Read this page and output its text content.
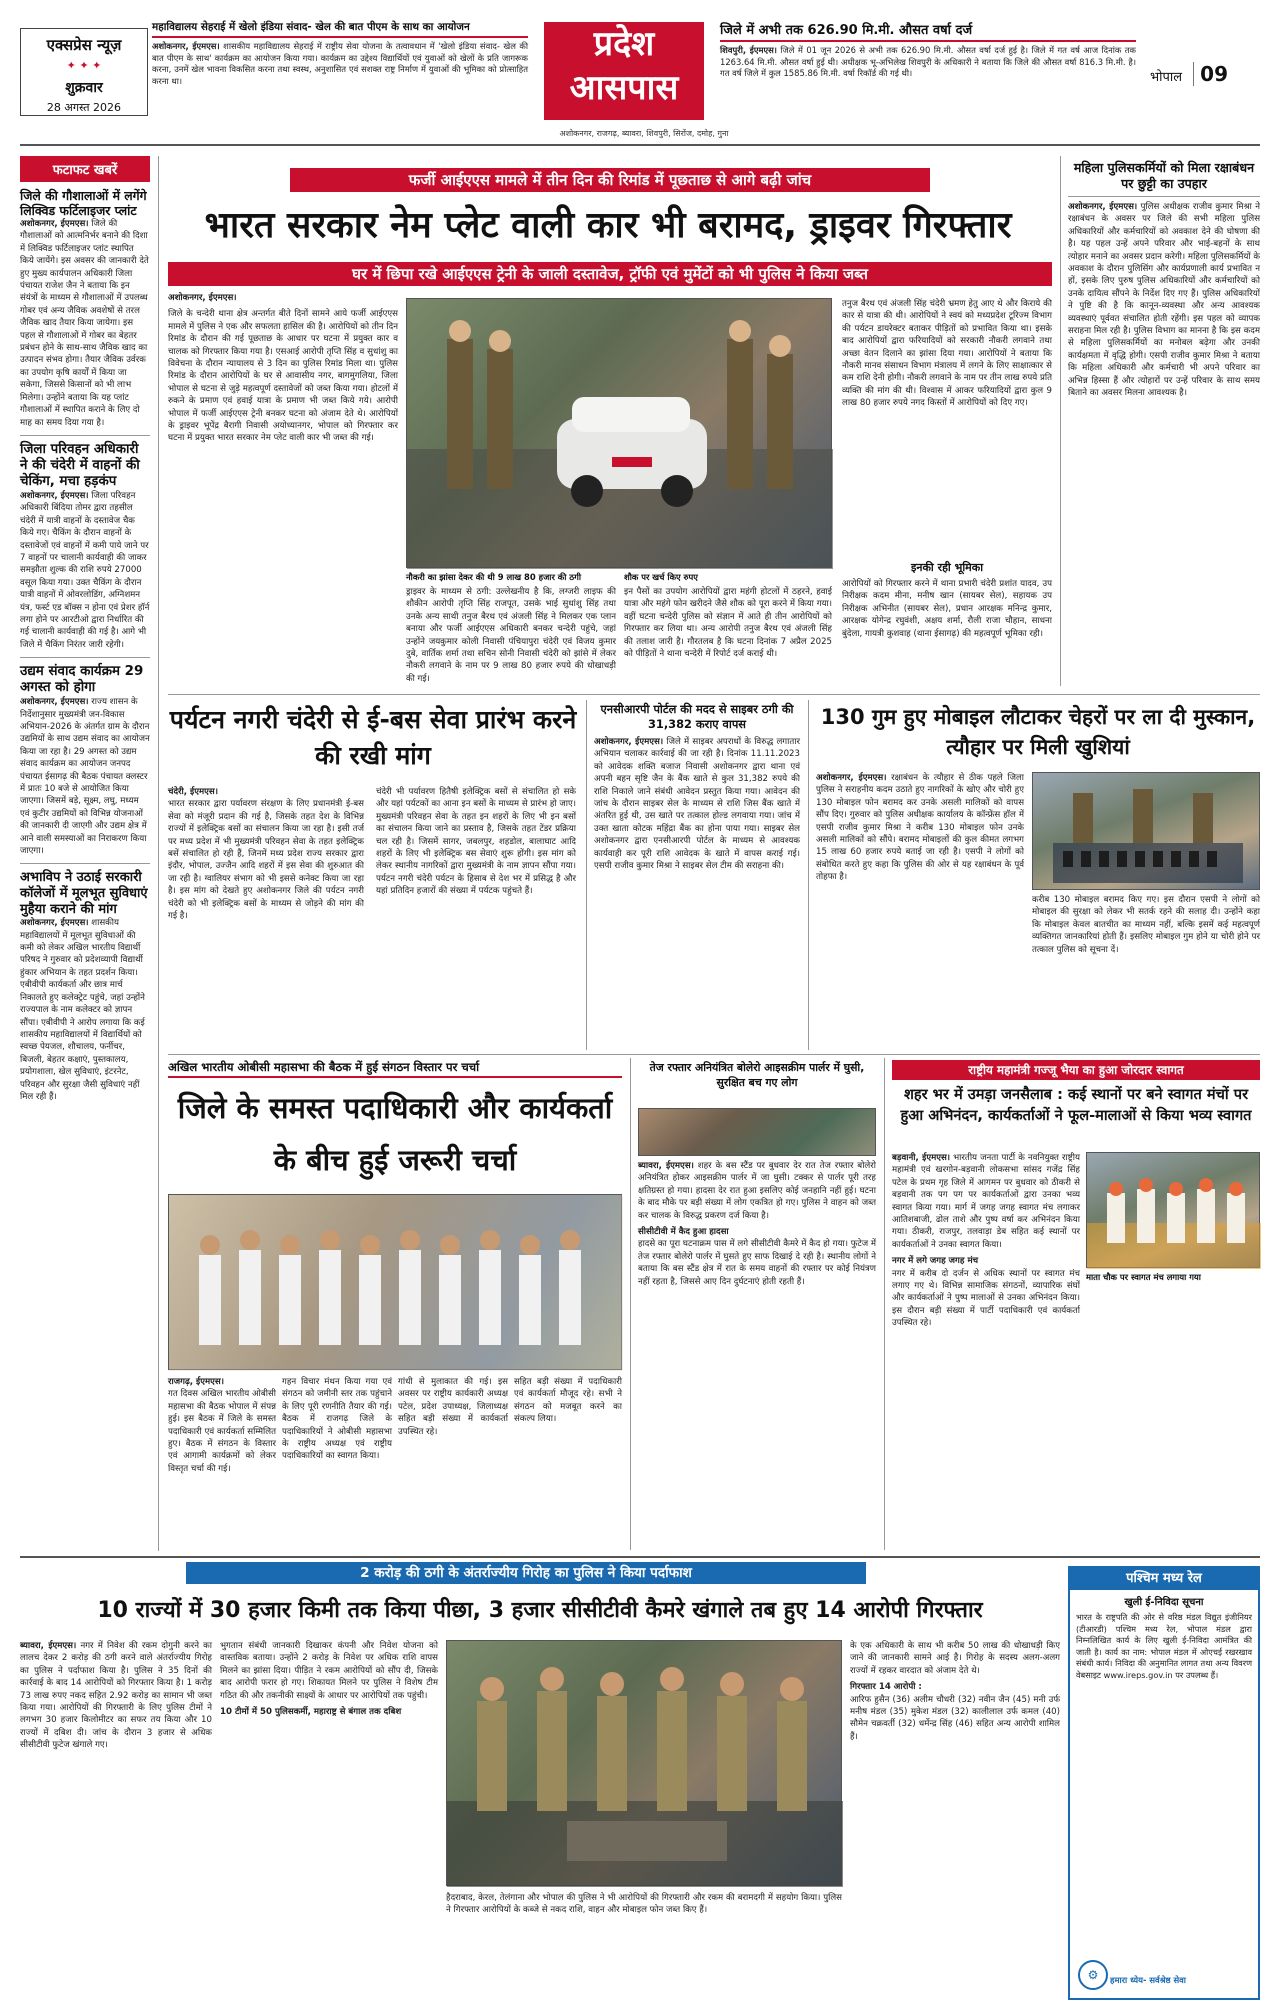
एक्सप्रेस न्यूज़
✦ ✦ ✦
शुक्रवार
28 अगस्त 2026
महाविद्यालय सेहराई में खेलो इंडिया संवाद- खेल की बात पीएम के साथ का आयोजन
अशोकनगर, ईएमएस। शासकीय महाविद्यालय सेहराई में राष्ट्रीय सेवा योजना के तत्वावधान में 'खेलो इंडिया संवाद- खेल की बात पीएम के साथ' कार्यक्रम का आयोजन किया गया। कार्यक्रम का उद्देश्य विद्यार्थियों एवं युवाओं को खेलों के प्रति जागरूक करना, उनमें खेल भावना विकसित करना तथा स्वस्थ, अनुशासित एवं सशक्त राष्ट्र निर्माण में युवाओं की भूमिका को प्रोत्साहित करना था।
प्रदेश
आसपास
जिले में अभी तक 626.90 मि.मी. औसत वर्षा दर्ज
शिवपुरी, ईएमएस। जिले में 01 जून 2026 से अभी तक 626.90 मि.मी. औसत वर्षा दर्ज हुई है। जिले में गत वर्ष आज दिनांक तक 1263.64 मि.मी. औसत वर्षा हुई थी। अधीक्षक भू-अभिलेख शिवपुरी के अधिकारी ने बताया कि जिले की औसत वर्षा 816.3 मि.मी. है। गत वर्ष जिले में कुल 1585.86 मि.मी. वर्षा रिकॉर्ड की गई थी।	भोपाल 09
अशोकनगर, राजगढ़, ब्यावरा, शिवपुरी, सिरोंज, दमोह, गुना
फटाफट खबरें
जिले की गौशालाओं में लगेंगे लिक्विड फर्टिलाइजर प्लांट
अशोकनगर, ईएमएस। जिले की गौशालाओं को आत्मनिर्भर बनाने की दिशा में लिक्विड फर्टिलाइजर प्लांट स्थापित किये जायेंगे। इस अवसर की जानकारी देते हुए मुख्य कार्यपालन अधिकारी जिला पंचायत राजेश जैन ने बताया कि इन संयंत्रों के माध्यम से गौशालाओं में उपलब्ध गोबर एवं अन्य जैविक अवशेषों से तरल जैविक खाद तैयार किया जायेगा। इस पहल से गौशालाओं में गोबर का बेहतर प्रबंधन होने के साथ-साथ जैविक खाद का उत्पादन संभव होगा। तैयार जैविक उर्वरक का उपयोग कृषि कार्यों में किया जा सकेगा, जिससे किसानों को भी लाभ मिलेगा। उन्होंने बताया कि यह प्लांट गौशालाओं में स्थापित कराने के लिए दो माह का समय दिया गया है।
जिला परिवहन अधिकारी ने की चंदेरी में वाहनों की चेकिंग, मचा हड़कंप
अशोकनगर, ईएमएस। जिला परिवहन अधिकारी बिंदिया तोमर द्वारा तहसील चंदेरी में यात्री वाहनों के दस्तावेज चैक किये गए। चैकिंग के दौरान वाहनों के दस्तावेजों एवं वाहनों में कमी पाये जाने पर 7 वाहनों पर चालानी कार्यवाही की जाकर समझौता शुल्क की राशि रुपये 27000 वसूल किया गया। उक्त चैकिंग के दौरान यात्री वाहनों में ओवरलोडिंग, अग्निशमन यंत्र, फर्स्ट एड बॉक्स न होना एवं प्रेशर हॉर्न लगा होने पर आरटीओ द्वारा निर्धारित की गई चालानी कार्यवाही की गई है। आगे भी जिले में चैकिंग निरंतर जारी रहेगी।
उद्यम संवाद कार्यक्रम 29 अगस्त को होगा
अशोकनगर, ईएमएस। राज्य शासन के निर्देशानुसार मुख्यमंत्री जन-विकास अभियान-2026 के अंतर्गत ग्राम के दौरान उद्यमियों के साथ उद्यम संवाद का आयोजन किया जा रहा है। 29 अगस्त को उद्यम संवाद कार्यक्रम का आयोजन जनपद पंचायत ईसागढ़ की बैठक पंचायत क्लस्टर में प्रातः 10 बजे से आयोजित किया जाएगा। जिसमें बड़े, सूक्ष्म, लघु, मध्यम एवं कुटीर उद्यमियों को विभिन्न योजनाओं की जानकारी दी जाएगी और उद्यम क्षेत्र में आने वाली समस्याओं का निराकरण किया जाएगा।
अभाविप ने उठाई सरकारी कॉलेजों में मूलभूत सुविधाएं मुहैया कराने की मांग
अशोकनगर, ईएमएस। शासकीय महाविद्यालयों में मूलभूत सुविधाओं की कमी को लेकर अखिल भारतीय विद्यार्थी परिषद ने गुरुवार को प्रदेशव्यापी विद्यार्थी हुंकार अभियान के तहत प्रदर्शन किया। एबीवीपी कार्यकर्ता और छात्र मार्च निकालते हुए कलेक्ट्रेट पहुंचे, जहां उन्होंने राज्यपाल के नाम कलेक्टर को ज्ञापन सौंपा। एबीवीपी ने आरोप लगाया कि कई शासकीय महाविद्यालयों में विद्यार्थियों को स्वच्छ पेयजल, शौचालय, फर्नीचर, बिजली, बेहतर कक्षाएं, पुस्तकालय, प्रयोगशाला, खेल सुविधाएं, इंटरनेट, परिवहन और सुरक्षा जैसी सुविधाएं नहीं मिल रही हैं।
फर्जी आईएएस मामले में तीन दिन की रिमांड में पूछताछ से आगे बढ़ी जांच
भारत सरकार नेम प्लेट वाली कार भी बरामद, ड्राइवर गिरफ्तार
घर में छिपा रखे आईएएस ट्रेनी के जाली दस्तावेज, ट्रॉफी एवं मुमेंटों को भी पुलिस ने किया जब्त
अशोकनगर, ईएमएस।
जिले के चन्देरी थाना क्षेत्र अन्तर्गत बीते दिनों सामने आये फर्जी आईएएस मामले में पुलिस ने एक और सफलता हासिल की है। आरोपियों को तीन दिन रिमांड के दौरान की गई पूछताछ के आधार पर घटना में प्रयुक्त कार व चालक को गिरफ्तार किया गया है। एसआई आरोपी तृप्ति सिंह व सुधांशु का विवेचना के दौरान न्यायालय से 3 दिन का पुलिस रिमांड मिला था। पुलिस रिमांड के दौरान आरोपियों के घर से आवासीय नगर, बागमुगलिया, जिला भोपाल से घटना से जुड़े महत्वपूर्ण दस्तावेजों को जब्त किया गया। होटलों में रुकने के प्रमाण एवं हवाई यात्रा के प्रमाण भी जब्त किये गये। आरोपी भोपाल में फर्जी आईएएस ट्रेनी बनकर घटना को अंजाम देते थे। आरोपियों के ड्राइवर भूपेंद्र बैरागी निवासी अयोध्यानगर, भोपाल को गिरफ्तार कर घटना में प्रयुक्त भारत सरकार नेम प्लेट वाली कार भी जब्त की गई।
नौकरी का झांसा देकर की थी 9 लाख 80 हजार की ठगी
ड्राइवर के माध्यम से ठगी: उल्लेखनीय है कि, लग्जरी लाइफ की शौकीन आरोपी तृप्ति सिंह राजपूत, उसके भाई सुधांशु सिंह तथा उनके अन्य साथी तनुज बैरथ एवं अंजली सिंह ने मिलकर एक प्लान बनाया और फर्जी आईएएस अधिकारी बनकर चन्देरी पहुंचे, जहां उन्होंने जयकुमार कोली निवासी पंचियापुरा चंदेरी एवं विजय कुमार दुबे, वार्तिक शर्मा तथा सचिन सोनी निवासी चंदेरी को झांसे में लेकर नौकरी लगवाने के नाम पर 9 लाख 80 हजार रुपये की धोखाधड़ी की गई।
शौक पर खर्च किए रुपए
इन पैसों का उपयोग आरोपियों द्वारा महंगी होटलों में ठहरने, हवाई यात्रा और महंगे फोन खरीदने जैसे शौक को पूरा करने में किया गया। वहीं घटना चन्देरी पुलिस को संज्ञान में आते ही तीन आरोपियों को गिरफ्तार कर लिया था। अन्य आरोपी तनुज बैरथ एवं अंजली सिंह की तलाश जारी है। गौरतलब है कि घटना दिनांक 7 अप्रैल 2025 को पीड़ितों ने थाना चन्देरी में रिपोर्ट दर्ज कराई थी।
तनुज बैरथ एवं अंजली सिंह चंदेरी भ्रमण हेतु आए थे और किराये की कार से यात्रा की थी। आरोपियों ने स्वयं को मध्यप्रदेश टूरिज्म विभाग की पर्यटन डायरेक्टर बताकर पीड़ितों को प्रभावित किया था। इसके बाद आरोपियों द्वारा फरियादियों को सरकारी नौकरी लगवाने तथा अच्छा वेतन दिलाने का झांसा दिया गया। आरोपियों ने बताया कि नौकरी मानव संसाधन विभाग मंत्रालय में लगने के लिए साक्षात्कार से कम राशि देनी होगी। नौकरी लगवाने के नाम पर तीन लाख रुपये प्रति व्यक्ति की मांग की थी। विश्वास में आकर फरियादियों द्वारा कुल 9 लाख 80 हजार रुपये नगद किस्तों में आरोपियों को दिए गए।
इनकी रही भूमिका
आरोपियों को गिरफ्तार करने में थाना प्रभारी चंदेरी प्रशांत यादव, उप निरीक्षक कदम मीना, मनीष खान (सायबर सेल), सहायक उप निरीक्षक अभिनीत (सायबर सेल), प्रधान आरक्षक मनिन्द्र कुमार, आरक्षक योगेन्द्र रघुवंशी, अक्षय शर्मा, रौली राजा चौहान, साधना बुंदेला, गायत्री कुशवाह (थाना ईसागढ़) की महत्वपूर्ण भूमिका रही।
महिला पुलिसकर्मियों को मिला रक्षाबंधन पर छुट्टी का उपहार
अशोकनगर, ईएमएस। पुलिस अधीक्षक राजीव कुमार मिश्रा ने रक्षाबंधन के अवसर पर जिले की सभी महिला पुलिस अधिकारियों और कर्मचारियों को अवकाश देने की घोषणा की है। यह पहल उन्हें अपने परिवार और भाई-बहनों के साथ त्योहार मनाने का अवसर प्रदान करेगी। महिला पुलिसकर्मियों के अवकाश के दौरान पुलिसिंग और कार्यप्रणाली कार्य प्रभावित न हों, इसके लिए पुरुष पुलिस अधिकारियों और कर्मचारियों को उनके दायित्व सौंपने के निर्देश दिए गए हैं। पुलिस अधिकारियों ने पुष्टि की है कि कानून-व्यवस्था और अन्य आवश्यक व्यवस्थाएं पूर्ववत संचालित होती रहेंगी। इस पहल को व्यापक सराहना मिल रही है। पुलिस विभाग का मानना है कि इस कदम से महिला पुलिसकर्मियों का मनोबल बढ़ेगा और उनकी कार्यक्षमता में वृद्धि होगी। एसपी राजीव कुमार मिश्रा ने बताया कि महिला अधिकारी और कर्मचारी भी अपने परिवार का अभिन्न हिस्सा हैं और त्योहारों पर उन्हें परिवार के साथ समय बिताने का अवसर मिलना आवश्यक है।
पर्यटन नगरी चंदेरी से ई-बस सेवा प्रारंभ करने की रखी मांग
चंदेरी, ईएमएस।
भारत सरकार द्वारा पर्यावरण संरक्षण के लिए प्रधानमंत्री ई-बस सेवा को मंजूरी प्रदान की गई है, जिसके तहत देश के विभिन्न राज्यों में इलेक्ट्रिक बसों का संचालन किया जा रहा है। इसी तर्ज पर मध्य प्रदेश में भी मुख्यमंत्री परिवहन सेवा के तहत इलेक्ट्रिक बसें संचालित हो रही हैं, जिनमें मध्य प्रदेश राज्य सरकार द्वारा इंदौर, भोपाल, उज्जैन आदि शहरों में इस सेवा की शुरुआत की जा रही है। ग्वालियर संभाग को भी इससे कनेक्ट किया जा रहा है। इस मांग को देखते हुए अशोकनगर जिले की पर्यटन नगरी चंदेरी को भी इलेक्ट्रिक बसों के माध्यम से जोड़ने की मांग की गई है।
चंदेरी भी पर्यावरण हितैषी इलेक्ट्रिक बसों से संचालित हो सके और यहां पर्यटकों का आना इन बसों के माध्यम से प्रारंभ हो जाए। मुख्यमंत्री परिवहन सेवा के तहत इन शहरों के लिए भी इन बसों का संचालन किया जाने का प्रस्ताव है, जिसके तहत टेंडर प्रक्रिया चल रही है। जिसमें सागर, जबलपुर, शहडोल, बालाघाट आदि शहरों के लिए भी इलेक्ट्रिक बस सेवाएं शुरू होंगी। इस मांग को लेकर स्थानीय नागरिकों द्वारा मुख्यमंत्री के नाम ज्ञापन सौंपा गया। पर्यटन नगरी चंदेरी पर्यटन के हिसाब से देश भर में प्रसिद्ध है और यहां प्रतिदिन हजारों की संख्या में पर्यटक पहुंचते हैं।
एनसीआरपी पोर्टल की मदद से साइबर ठगी की 31,382 कराए वापस
अशोकनगर, ईएमएस। जिले में साइबर अपराधों के विरुद्ध लगातार अभियान चलाकर कार्रवाई की जा रही है। दिनांक 11.11.2023 को आवेदक शक्ति बजाज निवासी अशोकनगर द्वारा थाना एवं अपनी बहन सृष्टि जैन के बैंक खाते से कुल 31,382 रुपये की राशि निकाले जाने संबंधी आवेदन प्रस्तुत किया गया। आवेदन की जांच के दौरान साइबर सेल के माध्यम से राशि जिस बैंक खाते में अंतरित हुई थी, उस खाते पर तत्काल होल्ड लगवाया गया। जांच में उक्त खाता कोटक महिंद्रा बैंक का होना पाया गया। साइबर सेल अशोकनगर द्वारा एनसीआरपी पोर्टल के माध्यम से आवश्यक कार्यवाही कर पूरी राशि आवेदक के खाते में वापस कराई गई। एसपी राजीव कुमार मिश्रा ने साइबर सेल टीम की सराहना की।
130 गुम हुए मोबाइल लौटाकर चेहरों पर ला दी मुस्कान, त्यौहार पर मिली खुशियां
अशोकनगर, ईएमएस। रक्षाबंधन के त्यौहार से ठीक पहले जिला पुलिस ने सराहनीय कदम उठाते हुए नागरिकों के खोए और चोरी हुए 130 मोबाइल फोन बरामद कर उनके असली मालिकों को वापस सौंप दिए। गुरुवार को पुलिस अधीक्षक कार्यालय के कॉन्फ्रेंस हॉल में एसपी राजीव कुमार मिश्रा ने करीब 130 मोबाइल फोन उनके असली मालिकों को सौंपे। बरामद मोबाइलों की कुल कीमत लगभग 15 लाख 60 हजार रुपये बताई जा रही है। एसपी ने लोगों को संबोधित करते हुए कहा कि पुलिस की ओर से यह रक्षाबंधन के पूर्व तोहफा है।
करीब 130 मोबाइल बरामद किए गए। इस दौरान एसपी ने लोगों को मोबाइल की सुरक्षा को लेकर भी सतर्क रहने की सलाह दी। उन्होंने कहा कि मोबाइल केवल बातचीत का माध्यम नहीं, बल्कि इसमें कई महत्वपूर्ण व्यक्तिगत जानकारियां होती हैं। इसलिए मोबाइल गुम होने या चोरी होने पर तत्काल पुलिस को सूचना दें।
अखिल भारतीय ओबीसी महासभा की बैठक में हुई संगठन विस्तार पर चर्चा
जिले के समस्त पदाधिकारी और कार्यकर्ता के बीच हुई जरूरी चर्चा
राजगढ़, ईएमएस।
गत दिवस अखिल भारतीय ओबीसी महासभा की बैठक भोपाल में संपन्न हुई। इस बैठक में जिले के समस्त पदाधिकारी एवं कार्यकर्ता सम्मिलित हुए। बैठक में संगठन के विस्तार एवं आगामी कार्यक्रमों को लेकर विस्तृत चर्चा की गई।
गहन विचार मंथन किया गया एवं संगठन को जमीनी स्तर तक पहुंचाने के लिए पूरी रणनीति तैयार की गई। बैठक में राजगढ़ जिले के पदाधिकारियों ने ओबीसी महासभा के राष्ट्रीय अध्यक्ष एवं राष्ट्रीय पदाधिकारियों का स्वागत किया।
गांधी से मुलाकात की गई। इस अवसर पर राष्ट्रीय कार्यकारी अध्यक्ष पटेल, प्रदेश उपाध्यक्ष, जिलाध्यक्ष सहित बड़ी संख्या में कार्यकर्ता उपस्थित रहे।
सहित बड़ी संख्या में पदाधिकारी एवं कार्यकर्ता मौजूद रहे। सभी ने संगठन को मजबूत करने का संकल्प लिया।
तेज रफ्तार अनियंत्रित बोलेरो आइसक्रीम पार्लर में घुसी, सुरक्षित बच गए लोग
ब्यावरा, ईएमएस। शहर के बस स्टैंड पर बुधवार देर रात तेज रफ्तार बोलेरो अनियंत्रित होकर आइसक्रीम पार्लर में जा घुसी। टक्कर से पार्लर पूरी तरह क्षतिग्रस्त हो गया। हादसा देर रात हुआ इसलिए कोई जनहानि नहीं हुई। घटना के बाद मौके पर बड़ी संख्या में लोग एकत्रित हो गए। पुलिस ने वाहन को जब्त कर चालक के विरुद्ध प्रकरण दर्ज किया है।
सीसीटीवी में कैद हुआ हादसा
हादसे का पूरा घटनाक्रम पास में लगे सीसीटीवी कैमरे में कैद हो गया। फुटेज में तेज रफ्तार बोलेरो पार्लर में घुसते हुए साफ दिखाई दे रही है। स्थानीय लोगों ने बताया कि बस स्टैंड क्षेत्र में रात के समय वाहनों की रफ्तार पर कोई नियंत्रण नहीं रहता है, जिससे आए दिन दुर्घटनाएं होती रहती हैं।
राष्ट्रीय महामंत्री गज्जू भैया का हुआ जोरदार स्वागत
शहर भर में उमड़ा जनसैलाब : कई स्थानों पर बने स्वागत मंचों पर हुआ अभिनंदन, कार्यकर्ताओं ने फूल-मालाओं से किया भव्य स्वागत
बड़वानी, ईएमएस। भारतीय जनता पार्टी के नवनियुक्त राष्ट्रीय महामंत्री एवं खरगोन-बड़वानी लोकसभा सांसद गजेंद्र सिंह पटेल के प्रथम गृह जिले में आगमन पर बुधवार को ठीकरी से बड़वानी तक पग पग पर कार्यकर्ताओं द्वारा उनका भव्य स्वागत किया गया। मार्ग में जगह जगह स्वागत मंच लगाकर आतिशबाजी, ढोल ताशे और पुष्प वर्षा कर अभिनंदन किया गया। ठीकरी, राजपुर, तलवाड़ा डेब सहित कई स्थानों पर कार्यकर्ताओं ने उनका स्वागत किया।
नगर में लगे जगह जगह मंच
नगर में करीब दो दर्जन से अधिक स्थानों पर स्वागत मंच लगाए गए थे। विभिन्न सामाजिक संगठनों, व्यापारिक संघों और कार्यकर्ताओं ने पुष्प मालाओं से उनका अभिनंदन किया। इस दौरान बड़ी संख्या में पार्टी पदाधिकारी एवं कार्यकर्ता उपस्थित रहे।
माता चौक पर स्वागत मंच लगाया गया
2 करोड़ की ठगी के अंतर्राज्यीय गिरोह का पुलिस ने किया पर्दाफाश
10 राज्यों में 30 हजार किमी तक किया पीछा, 3 हजार सीसीटीवी कैमरे खंगाले तब हुए 14 आरोपी गिरफ्तार
ब्यावरा, ईएमएस। नगर में निवेश की रकम दोगुनी करने का लालच देकर 2 करोड़ की ठगी करने वाले अंतर्राज्यीय गिरोह का पुलिस ने पर्दाफाश किया है। पुलिस ने 35 दिनों की कार्रवाई के बाद 14 आरोपियों को गिरफ्तार किया है। 1 करोड़ 73 लाख रुपए नकद सहित 2.92 करोड़ का सामान भी जब्त किया गया। आरोपियों की गिरफ्तारी के लिए पुलिस टीमों ने लगभग 30 हजार किलोमीटर का सफर तय किया और 10 राज्यों में दबिश दी। जांच के दौरान 3 हजार से अधिक सीसीटीवी फुटेज खंगाले गए।
भुगतान संबंधी जानकारी दिखाकर कंपनी और निवेश योजना को वास्तविक बताया। उन्होंने 2 करोड़ के निवेश पर अधिक राशि वापस मिलने का झांसा दिया। पीड़ित ने रकम आरोपियों को सौंप दी, जिसके बाद आरोपी फरार हो गए। शिकायत मिलने पर पुलिस ने विशेष टीम गठित की और तकनीकी साक्ष्यों के आधार पर आरोपियों तक पहुंची।
10 टीमों में 50 पुलिसकर्मी, महाराष्ट्र से बंगाल तक दबिश
हैदराबाद, केरल, तेलंगाना और भोपाल की पुलिस ने भी आरोपियों की गिरफ्तारी और रकम की बरामदगी में सहयोग किया। पुलिस ने गिरफ्तार आरोपियों के कब्जे से नकद राशि, वाहन और मोबाइल फोन जब्त किए हैं।
के एक अधिकारी के साथ भी करीब 50 लाख की धोखाधड़ी किए जाने की जानकारी सामने आई है। गिरोह के सदस्य अलग-अलग राज्यों में रहकर वारदात को अंजाम देते थे।
गिरफ्तार 14 आरोपी :
आरिफ हुसैन (36) अलीम चौधरी (32) नवीन जैन (45) मनी उर्फ मनीष मंडल (35) मुकेश मंडल (32) कालीलाल उर्फ कमल (40) सौमेन चक्रवर्ती (32) धर्मेन्द्र सिंह (46) सहित अन्य आरोपी शामिल हैं।
पश्चिम मध्य रेल
खुली ई-निविदा सूचना
भारत के राष्ट्रपति की ओर से वरिष्ठ मंडल विद्युत इंजीनियर (टीआरडी) पश्चिम मध्य रेल, भोपाल मंडल द्वारा निम्नलिखित कार्य के लिए खुली ई-निविदा आमंत्रित की जाती है। कार्य का नाम: भोपाल मंडल में ओएचई रखरखाव संबंधी कार्य। निविदा की अनुमानित लागत तथा अन्य विवरण वेबसाइट www.ireps.gov.in पर उपलब्ध हैं।
⚙	हमारा ध्येय- सर्वश्रेष्ठ सेवा
